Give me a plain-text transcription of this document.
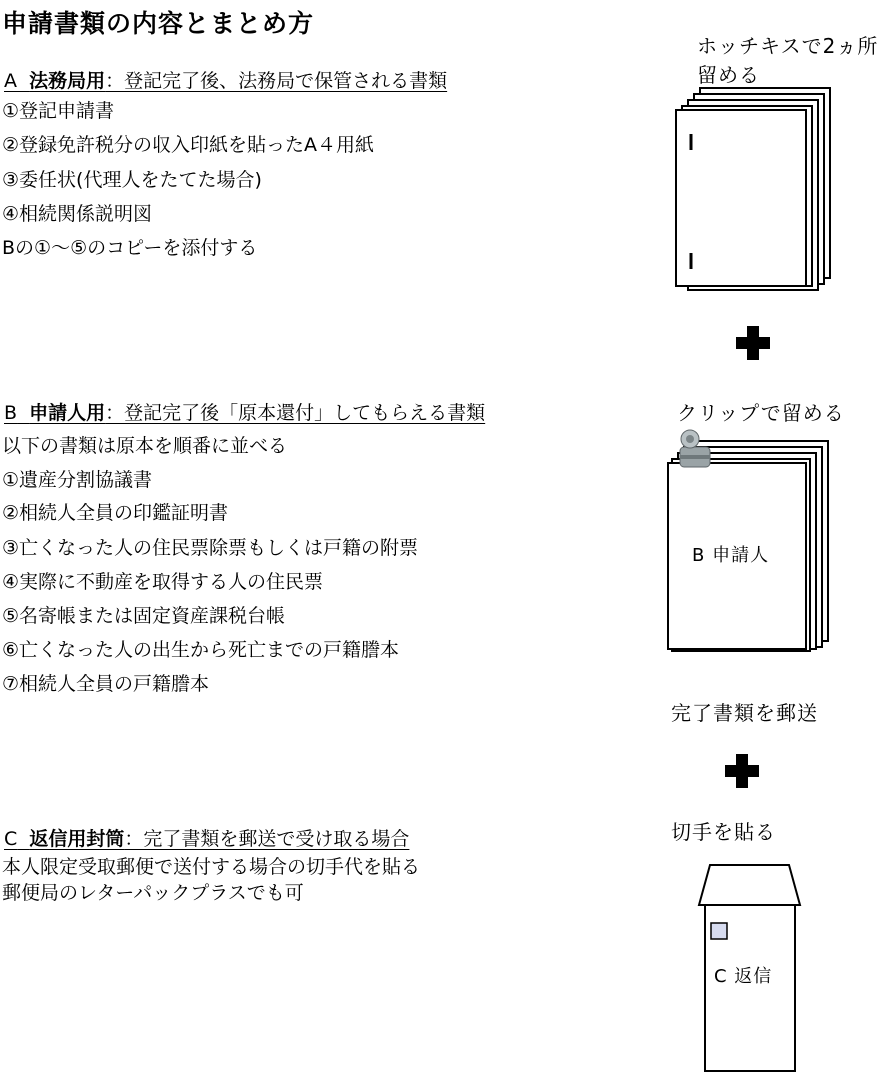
申請書類の内容とまとめ方
A 法務局用：登記完了後、法務局で保管される書類
①登記申請書
②登録免許税分の収入印紙を貼ったA４用紙
③委任状(代理人をたてた場合)
④相続関係説明図
Bの①～⑤のコピーを添付する
B 申請人用：登記完了後「原本還付」してもらえる書類
以下の書類は原本を順番に並べる
①遺産分割協議書
②相続人全員の印鑑証明書
③亡くなった人の住民票除票もしくは戸籍の附票
④実際に不動産を取得する人の住民票
⑤名寄帳または固定資産課税台帳
⑥亡くなった人の出生から死亡までの戸籍謄本
⑦相続人全員の戸籍謄本
C 返信用封筒：完了書類を郵送で受け取る場合
本人限定受取郵便で送付する場合の切手代を貼る
郵便局のレターパックプラスでも可
ホッチキスで2ヵ所
留める
クリップで留める
完了書類を郵送
切手を貼る
B 申請人
C 返信
